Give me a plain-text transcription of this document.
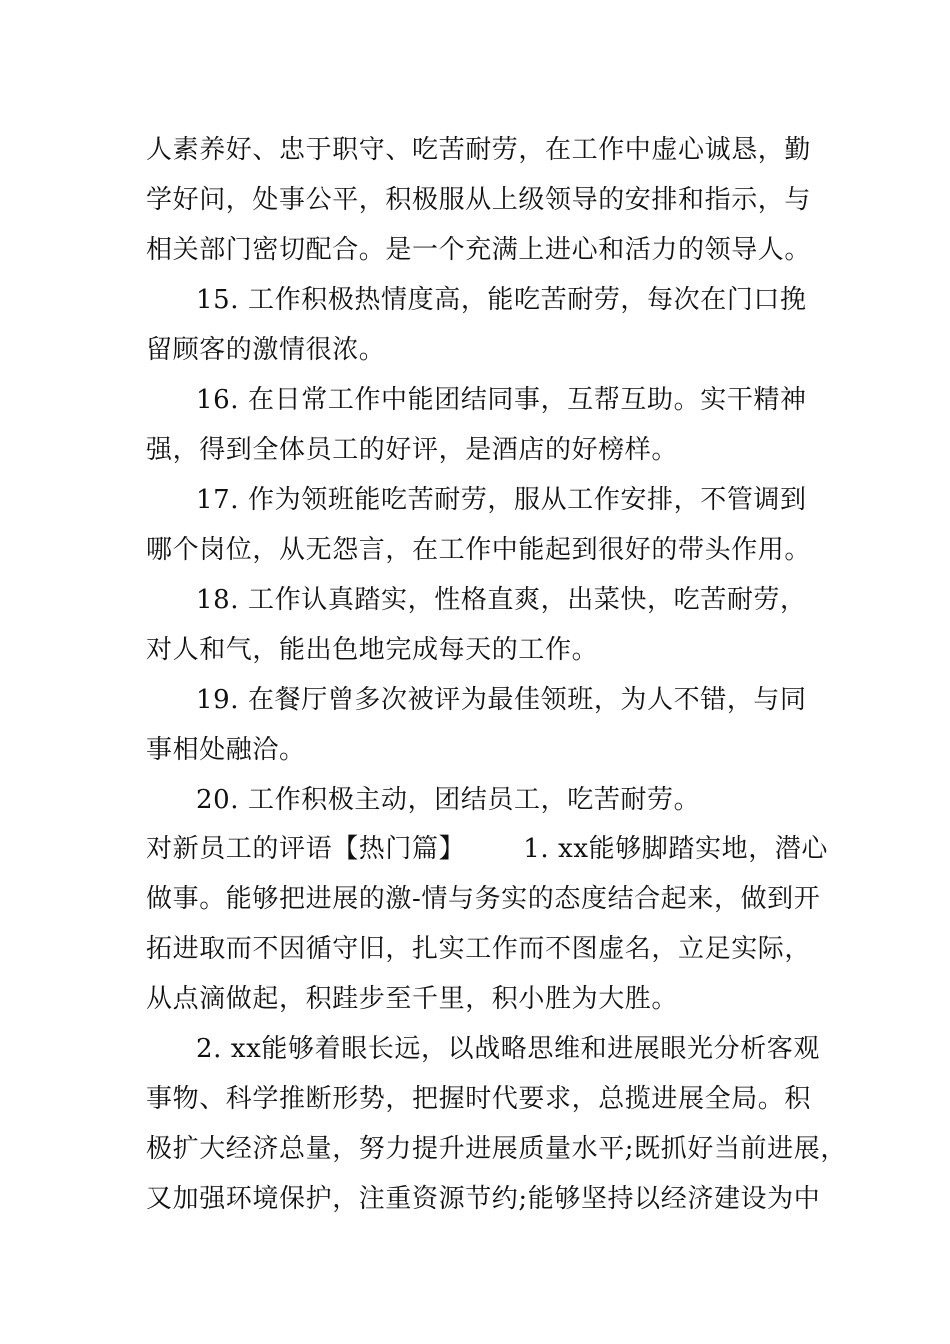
人素养好、忠于职守、吃苦耐劳，在工作中虚心诚恳，勤
学好问，处事公平，积极服从上级领导的安排和指示，与
相关部门密切配合。是一个充满上进心和活力的领导人。
15. 工作积极热情度高，能吃苦耐劳，每次在门口挽
留顾客的激情很浓。
16. 在日常工作中能团结同事，互帮互助。实干精神
强，得到全体员工的好评，是酒店的好榜样。
17. 作为领班能吃苦耐劳，服从工作安排，不管调到
哪个岗位，从无怨言，在工作中能起到很好的带头作用。
18. 工作认真踏实，性格直爽，出菜快，吃苦耐劳，
对人和气，能出色地完成每天的工作。
19. 在餐厅曾多次被评为最佳领班，为人不错，与同
事相处融洽。
20. 工作积极主动，团结员工，吃苦耐劳。
对新员工的评语【热门篇】 1. xx能够脚踏实地，潜心
做事。能够把进展的激-情与务实的态度结合起来，做到开
拓进取而不因循守旧，扎实工作而不图虚名，立足实际，
从点滴做起，积跬步至千里，积小胜为大胜。
2. xx能够着眼长远，以战略思维和进展眼光分析客观
事物、科学推断形势，把握时代要求，总揽进展全局。积
极扩大经济总量，努力提升进展质量水平;既抓好当前进展，
又加强环境保护，注重资源节约;能够坚持以经济建设为中
